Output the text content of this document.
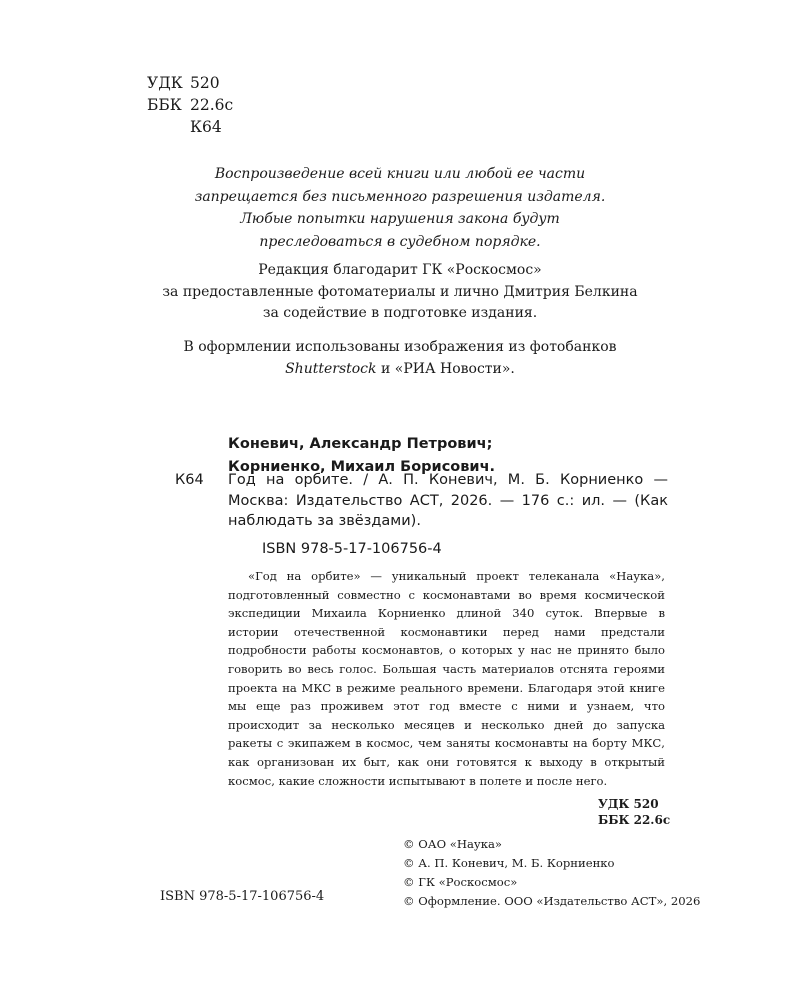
УДК 520
ББК 22.6с
К64
Воспроизведение всей книги или любой ее части
запрещается без письменного разрешения издателя.
Любые попытки нарушения закона будут
преследоваться в судебном порядке.
Редакция благодарит ГК «Роскосмос»
за предоставленные фотоматериалы и лично Дмитрия Белкина
за содействие в подготовке издания.
В оформлении использованы изображения из фотобанков
Shutterstock и «РИА Новости».
Коневич, Александр Петрович;
Корниенко, Михаил Борисович.
К64 Год на орбите. / А. П. Коневич, М. Б. Корниенко — Москва: Издательство АСТ, 2026. — 176 с.: ил. — (Как наблюдать за звёздами).
ISBN 978-5-17-106756-4
«Год на орбите» — уникальный проект телеканала «Наука», подготовленный совместно с космонавтами во время космической экспедиции Михаила Корниенко длиной 340 суток. Впервые в истории отечественной космонавтики перед нами предстали подробности работы космонавтов, о которых у нас не принято было говорить во весь голос. Большая часть материалов отснята героями проекта на МКС в режиме реального времени. Благодаря этой книге мы еще раз проживем этот год вместе с ними и узнаем, что происходит за несколько месяцев и несколько дней до запуска ракеты с экипажем в космос, чем заняты космонавты на борту МКС, как организован их быт, как они готовятся к выходу в открытый космос, какие сложности испытывают в полете и после него.
УДК 520
ББК 22.6с
© ОАО «Наука»
© А. П. Коневич, М. Б. Корниенко
© ГК «Роскосмос»
© Оформление. ООО «Издательство АСТ», 2026
ISBN 978-5-17-106756-4
